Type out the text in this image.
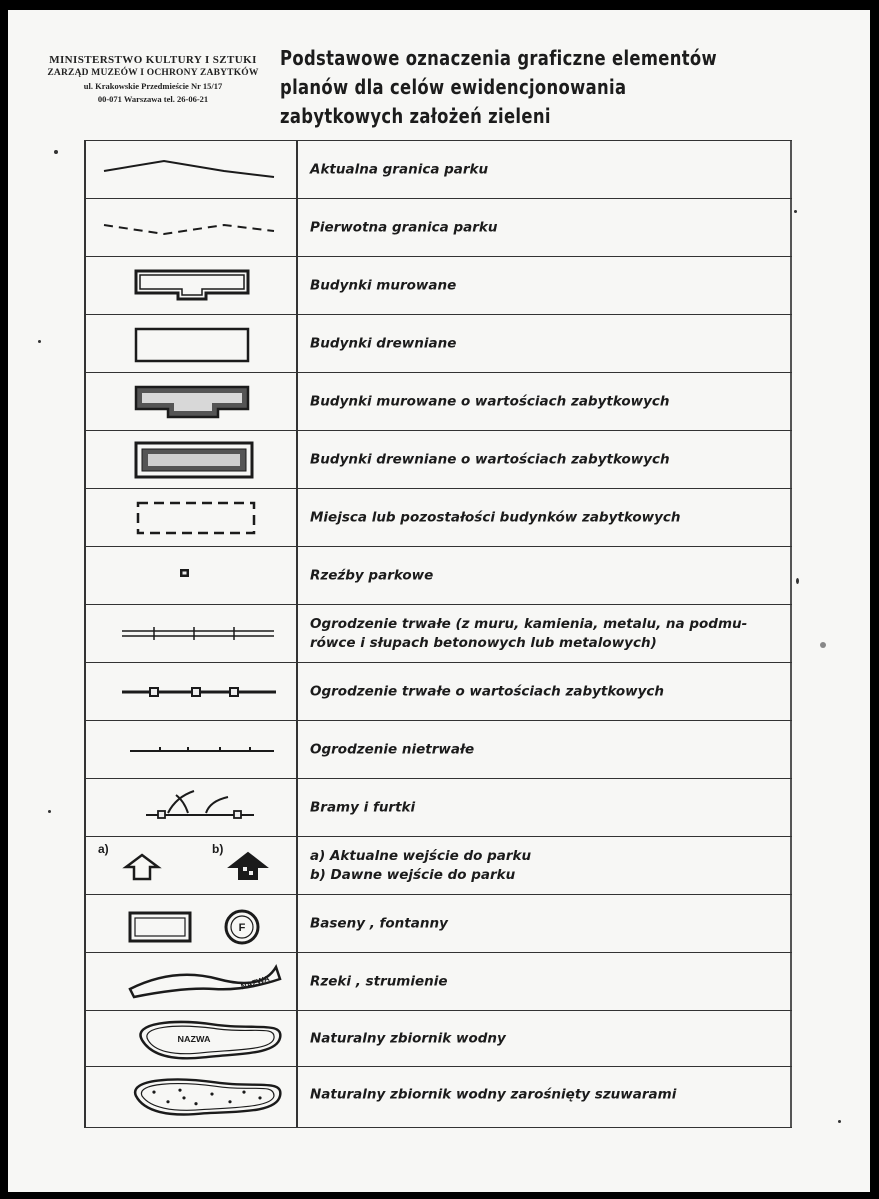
MINISTERSTWO KULTURY I SZTUKI
ZARZĄD MUZEÓW I OCHRONY ZABYTKÓW
ul. Krakowskie Przedmieście Nr 15/17
00-071 Warszawa tel. 26-06-21
Podstawowe oznaczenia graficzne elementów
planów dla celów ewidencjonowania
zabytkowych założeń zieleni
Aktualna granica parku
Pierwotna granica parku
Budynki murowane
Budynki drewniane
Budynki murowane o wartościach zabytkowych
Budynki drewniane o wartościach zabytkowych
Miejsca lub pozostałości budynków zabytkowych
Rzeźby parkowe
Ogrodzenie trwałe (z muru, kamienia, metalu, na podmu-
rówce i słupach betonowych lub metalowych)
Ogrodzenie trwałe o wartościach zabytkowych
Ogrodzenie nietrwałe
Bramy i furtki
a)	b)	a) Aktualne wejście do parku
b) Dawne wejście do parku
F	Baseny , fontanny
NAZWA	Rzeki , strumienie
NAZWA	Naturalny zbiornik wodny
Naturalny zbiornik wodny zarośnięty szuwarami
